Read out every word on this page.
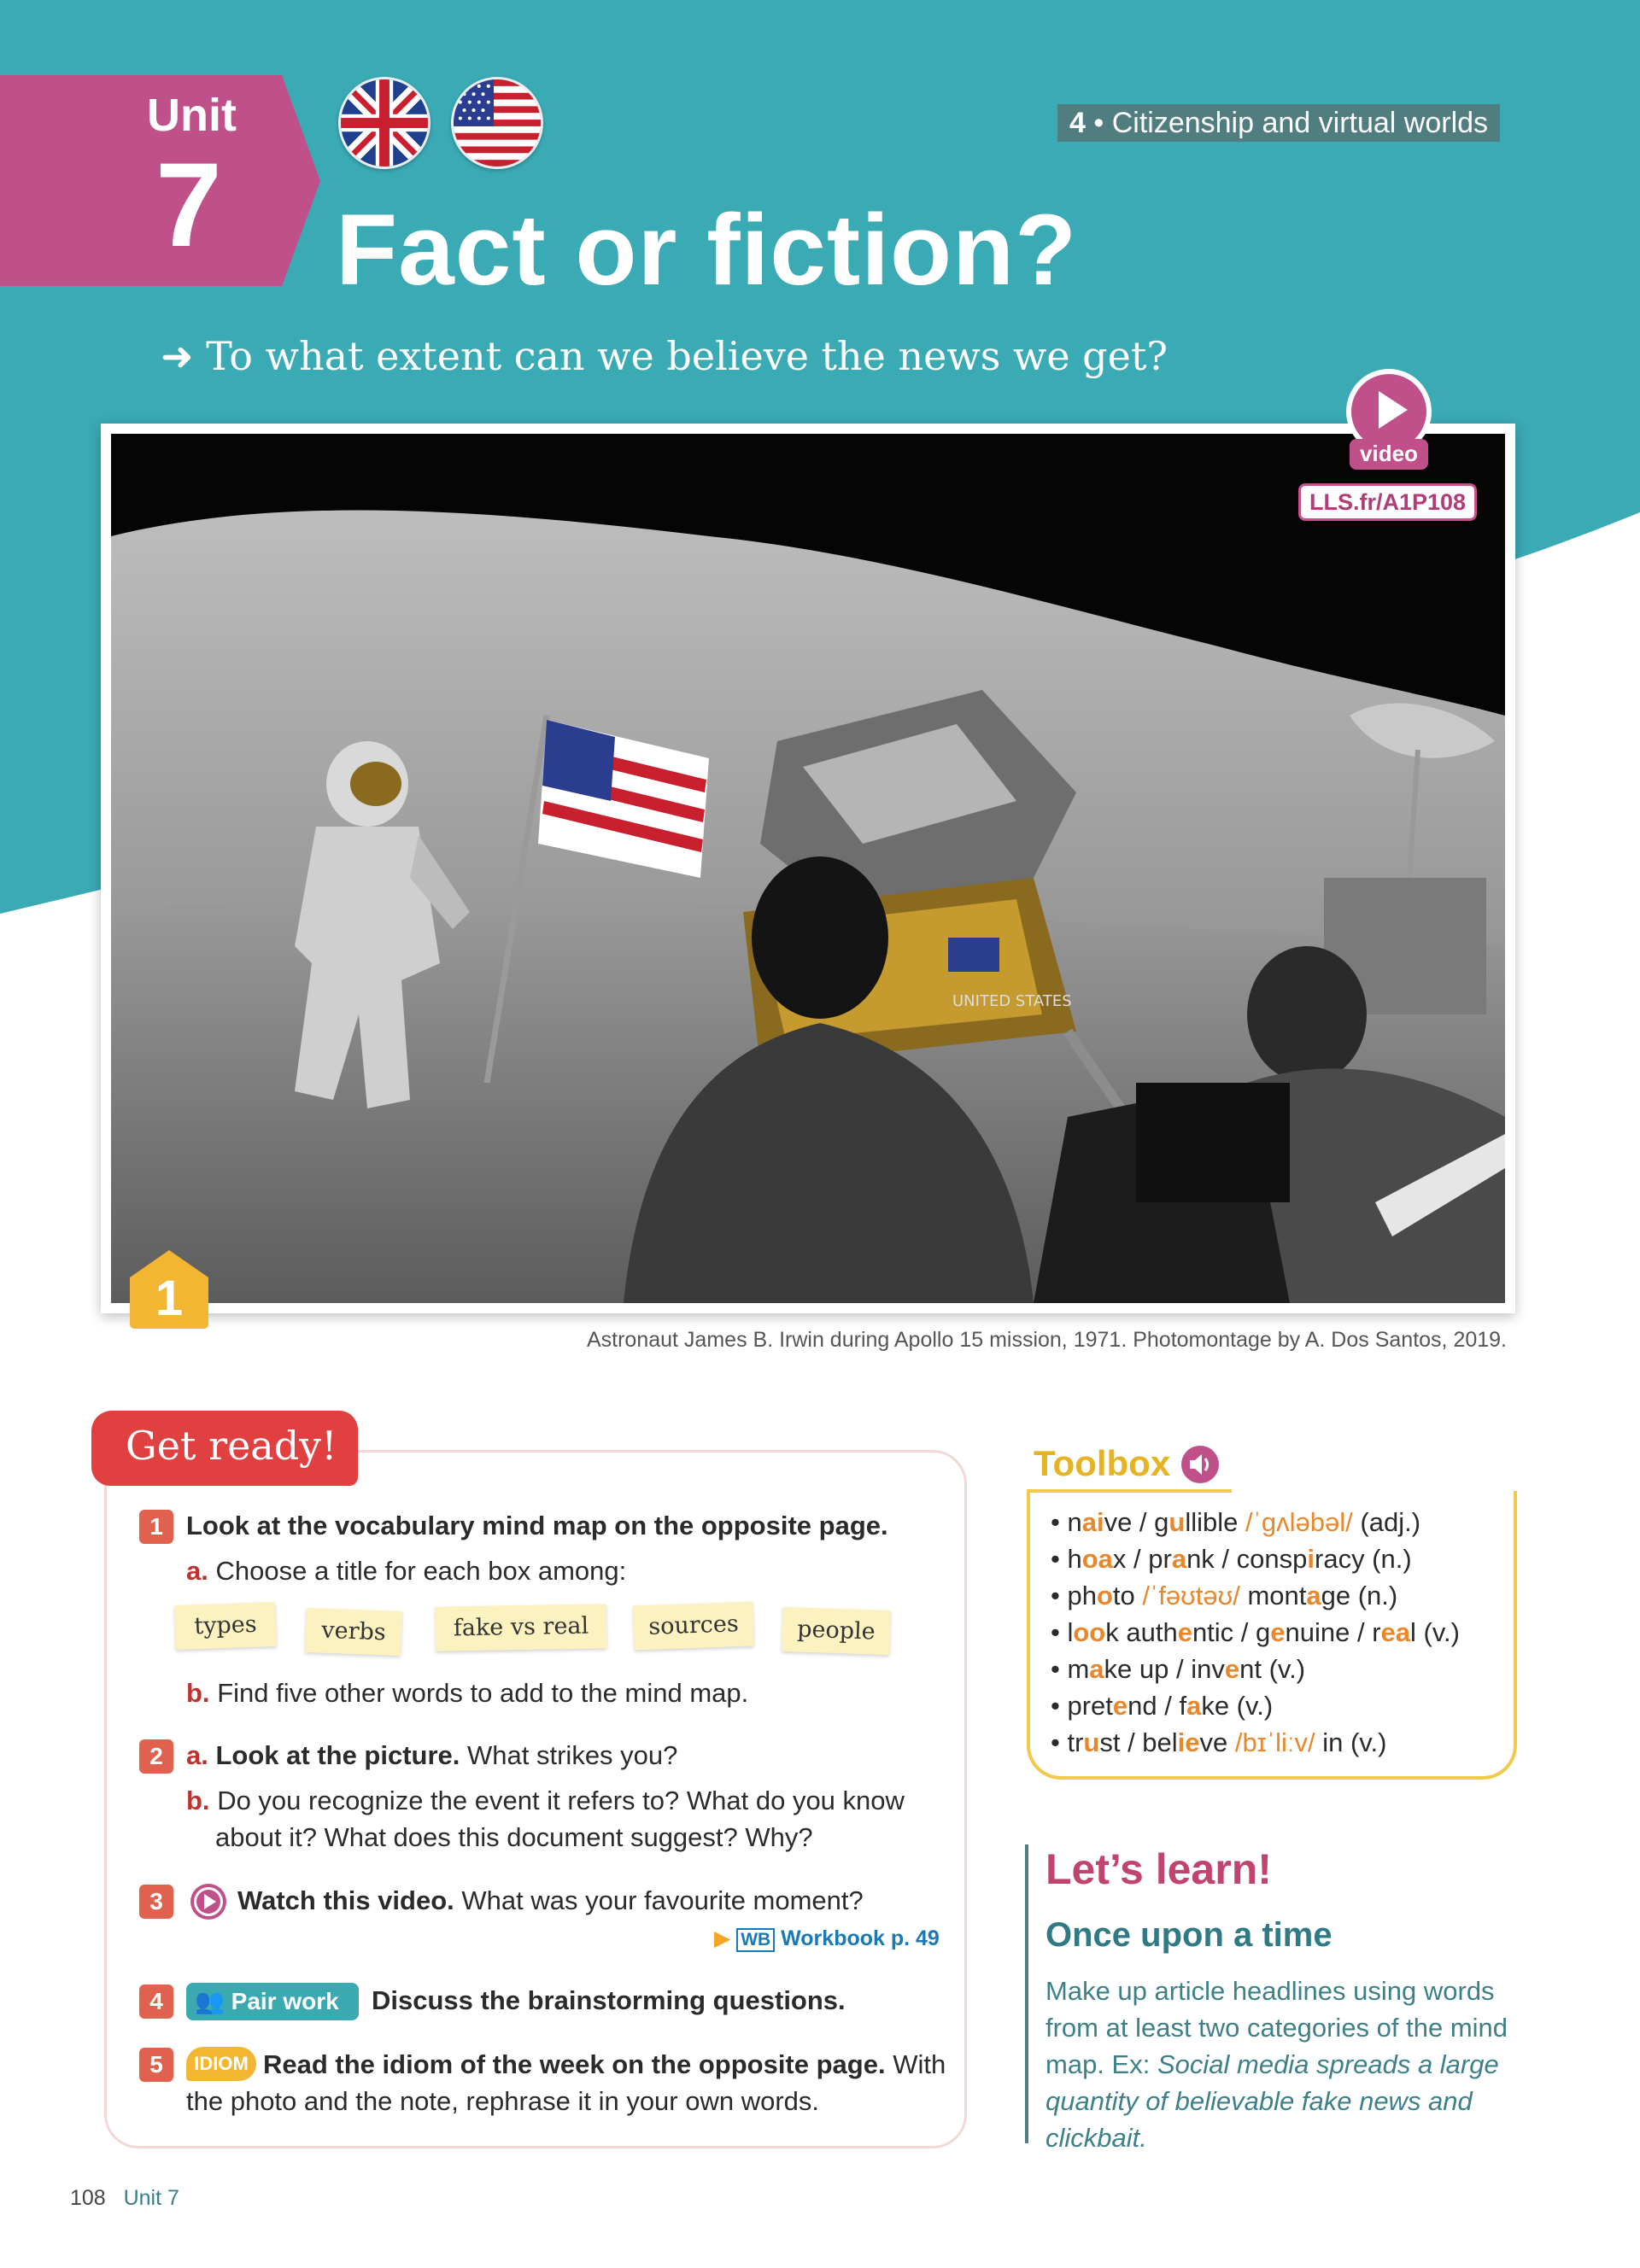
Unit
7
4 • Citizenship and virtual worlds
Fact or fiction?
➜ To what extent can we believe the news we get?
UNITED STATES
1
video
LLS.fr/A1P108
Astronaut James B. Irwin during Apollo 15 mission, 1971. Photomontage by A. Dos Santos, 2019.
Get ready!
1 Look at the vocabulary mind map on the opposite page.
a. Choose a title for each box among:
types	verbs	fake vs real	sources	people
b. Find five other words to add to the mind map.
2 a. Look at the picture. What strikes you?
b. Do you recognize the event it refers to? What do you know
about it? What does this document suggest? Why?
3	Watch this video. What was your favourite moment?
▶ WB Workbook p. 49
4	👥 Pair work	Discuss the brainstorming questions.
5	IDIOM Read the idiom of the week on the opposite page. With
the photo and the note, rephrase it in your own words.
Toolbox
• naive / gullible /ˈɡʌləbəl/ (adj.)
• hoax / prank / conspiracy (n.)
• photo /ˈfəʊtəʊ/ montage (n.)
• look authentic / genuine / real (v.)
• make up / invent (v.)
• pretend / fake (v.)
• trust / believe /bɪˈliːv/ in (v.)
Let’s learn!
Once upon a time
Make up article headlines using words from at least two categories of the mind map. Ex: Social media spreads a large quantity of believable fake news and clickbait.
108 Unit 7
